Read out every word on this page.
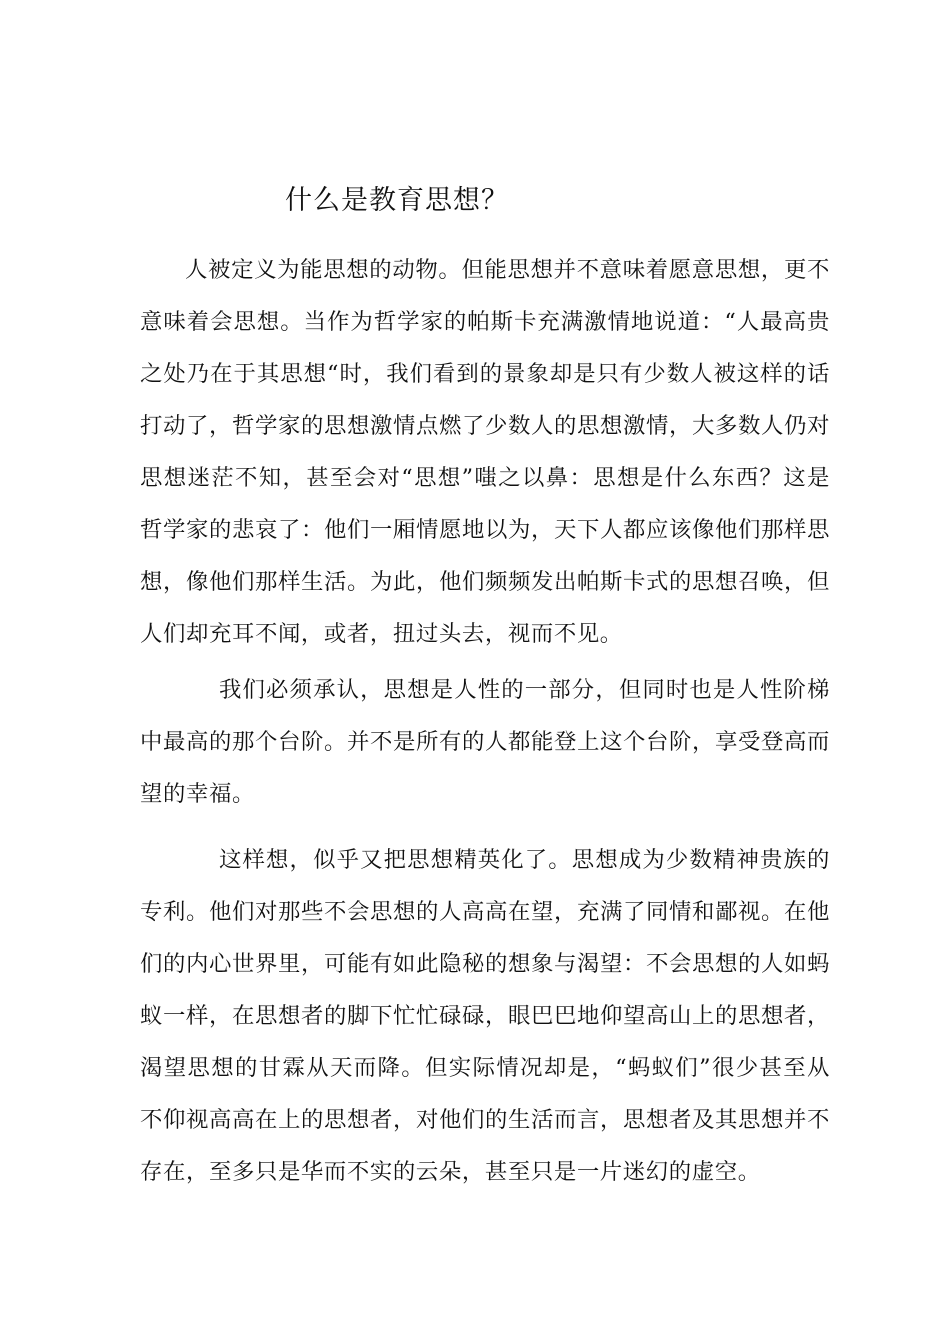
什么是教育思想？

人被定义为能思想的动物。但能思想并不意味着愿意思想，更不意味着会思想。当作为哲学家的帕斯卡充满激情地说道：“人最高贵之处乃在于其思想“时，我们看到的景象却是只有少数人被这样的话打动了，哲学家的思想激情点燃了少数人的思想激情，大多数人仍对思想迷茫不知，甚至会对“思想”嗤之以鼻：思想是什么东西？这是哲学家的悲哀了：他们一厢情愿地以为，天下人都应该像他们那样思想，像他们那样生活。为此，他们频频发出帕斯卡式的思想召唤，但人们却充耳不闻，或者，扭过头去，视而不见。

我们必须承认，思想是人性的一部分，但同时也是人性阶梯中最高的那个台阶。并不是所有的人都能登上这个台阶，享受登高而望的幸福。

这样想，似乎又把思想精英化了。思想成为少数精神贵族的专利。他们对那些不会思想的人高高在望，充满了同情和鄙视。在他们的内心世界里，可能有如此隐秘的想象与渴望：不会思想的人如蚂蚁一样，在思想者的脚下忙忙碌碌，眼巴巴地仰望高山上的思想者，渴望思想的甘霖从天而降。但实际情况却是，“蚂蚁们”很少甚至从不仰视高高在上的思想者，对他们的生活而言，思想者及其思想并不存在，至多只是华而不实的云朵，甚至只是一片迷幻的虚空。
